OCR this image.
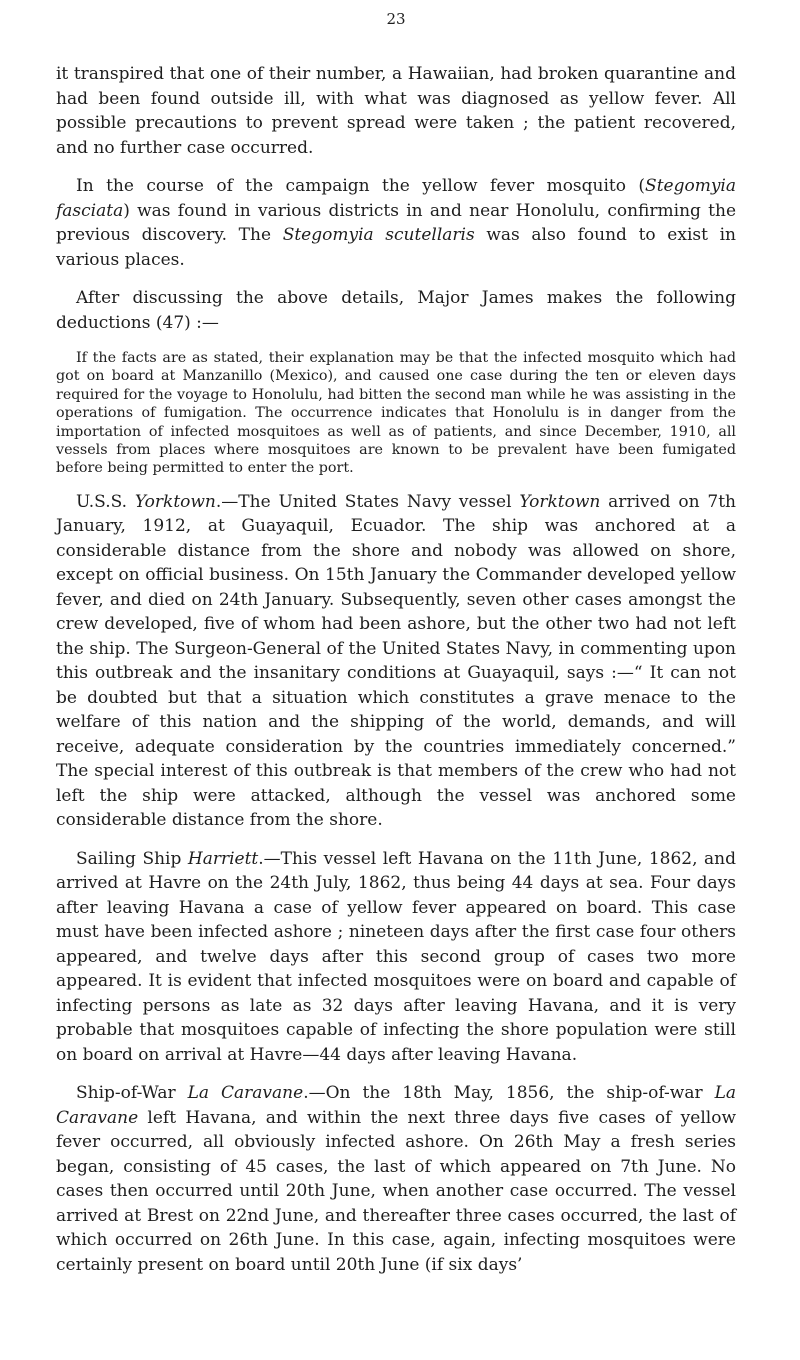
23

it transpired that one of their number, a Hawaiian, had broken quarantine and had been found outside ill, with what was diagnosed as yellow fever. All possible precautions to prevent spread were taken ; the patient recovered, and no further case occurred.

In the course of the campaign the yellow fever mosquito (Stegomyia fasciata) was found in various districts in and near Honolulu, confirming the previous discovery. The Stegomyia scutellaris was also found to exist in various places.

After discussing the above details, Major James makes the following deductions (47) :—

If the facts are as stated, their explanation may be that the infected mosquito which had got on board at Manzanillo (Mexico), and caused one case during the ten or eleven days required for the voyage to Honolulu, had bitten the second man while he was assisting in the operations of fumigation. The occurrence indicates that Honolulu is in danger from the importation of infected mosquitoes as well as of patients, and since December, 1910, all vessels from places where mosquitoes are known to be prevalent have been fumigated before being permitted to enter the port.

U.S.S. Yorktown.—The United States Navy vessel Yorktown arrived on 7th January, 1912, at Guayaquil, Ecuador. The ship was anchored at a considerable distance from the shore and nobody was allowed on shore, except on official business. On 15th January the Commander developed yellow fever, and died on 24th January. Subsequently, seven other cases amongst the crew developed, five of whom had been ashore, but the other two had not left the ship. The Surgeon-General of the United States Navy, in commenting upon this outbreak and the insanitary conditions at Guayaquil, says :—“ It can not be doubted but that a situation which constitutes a grave menace to the welfare of this nation and the shipping of the world, demands, and will receive, adequate consideration by the countries immediately concerned.” The special interest of this outbreak is that members of the crew who had not left the ship were attacked, although the vessel was anchored some considerable distance from the shore.

Sailing Ship Harriett.—This vessel left Havana on the 11th June, 1862, and arrived at Havre on the 24th July, 1862, thus being 44 days at sea. Four days after leaving Havana a case of yellow fever appeared on board. This case must have been infected ashore ; nineteen days after the first case four others appeared, and twelve days after this second group of cases two more appeared. It is evident that infected mosquitoes were on board and capable of infecting persons as late as 32 days after leaving Havana, and it is very probable that mosquitoes capable of infecting the shore population were still on board on arrival at Havre—44 days after leaving Havana.

Ship-of-War La Caravane.—On the 18th May, 1856, the ship-of-war La Caravane left Havana, and within the next three days five cases of yellow fever occurred, all obviously infected ashore. On 26th May a fresh series began, consisting of 45 cases, the last of which appeared on 7th June. No cases then occurred until 20th June, when another case occurred. The vessel arrived at Brest on 22nd June, and thereafter three cases occurred, the last of which occurred on 26th June. In this case, again, infecting mosquitoes were certainly present on board until 20th June (if six days’
